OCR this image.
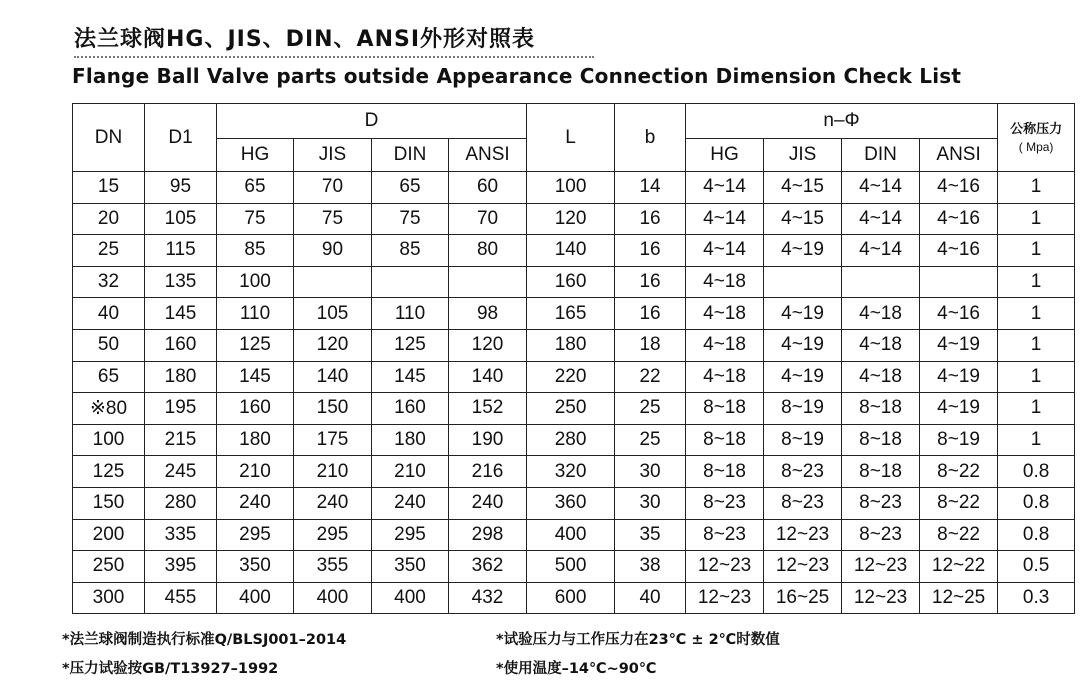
法兰球阀HG、JIS、DIN、ANSI外形对照表
Flange Ball Valve parts outside Appearance Connection Dimension Check List
DN	D1	D				L	b	n–Φ				公称压力
( Mpa)

		HG	JIS	DIN	ANSI			HG	JIS	DIN	ANSI	
15	95	65	70	65	60	100	14	4~14	4~15	4~14	4~16	1
20	105	75	75	75	70	120	16	4~14	4~15	4~14	4~16	1
25	115	85	90	85	80	140	16	4~14	4~19	4~14	4~16	1
32	135	100				160	16	4~18				1
40	145	110	105	110	98	165	16	4~18	4~19	4~18	4~16	1
50	160	125	120	125	120	180	18	4~18	4~19	4~18	4~19	1
65	180	145	140	145	140	220	22	4~18	4~19	4~18	4~19	1
※80	195	160	150	160	152	250	25	8~18	8~19	8~18	4~19	1
100	215	180	175	180	190	280	25	8~18	8~19	8~18	8~19	1
125	245	210	210	210	216	320	30	8~18	8~23	8~18	8~22	0.8
150	280	240	240	240	240	360	30	8~23	8~23	8~23	8~22	0.8
200	335	295	295	295	298	400	35	8~23	12~23	8~23	8~22	0.8
250	395	350	355	350	362	500	38	12~23	12~23	12~23	12~22	0.5
300	455	400	400	400	432	600	40	12~23	16~25	12~23	12~25	0.3
*法兰球阀制造执行标准Q/BLSJ001–2014	*试验压力与工作压力在23℃ ± 2℃时数值
*压力试验按GB/T13927–1992	*使用温度–14℃~90℃
